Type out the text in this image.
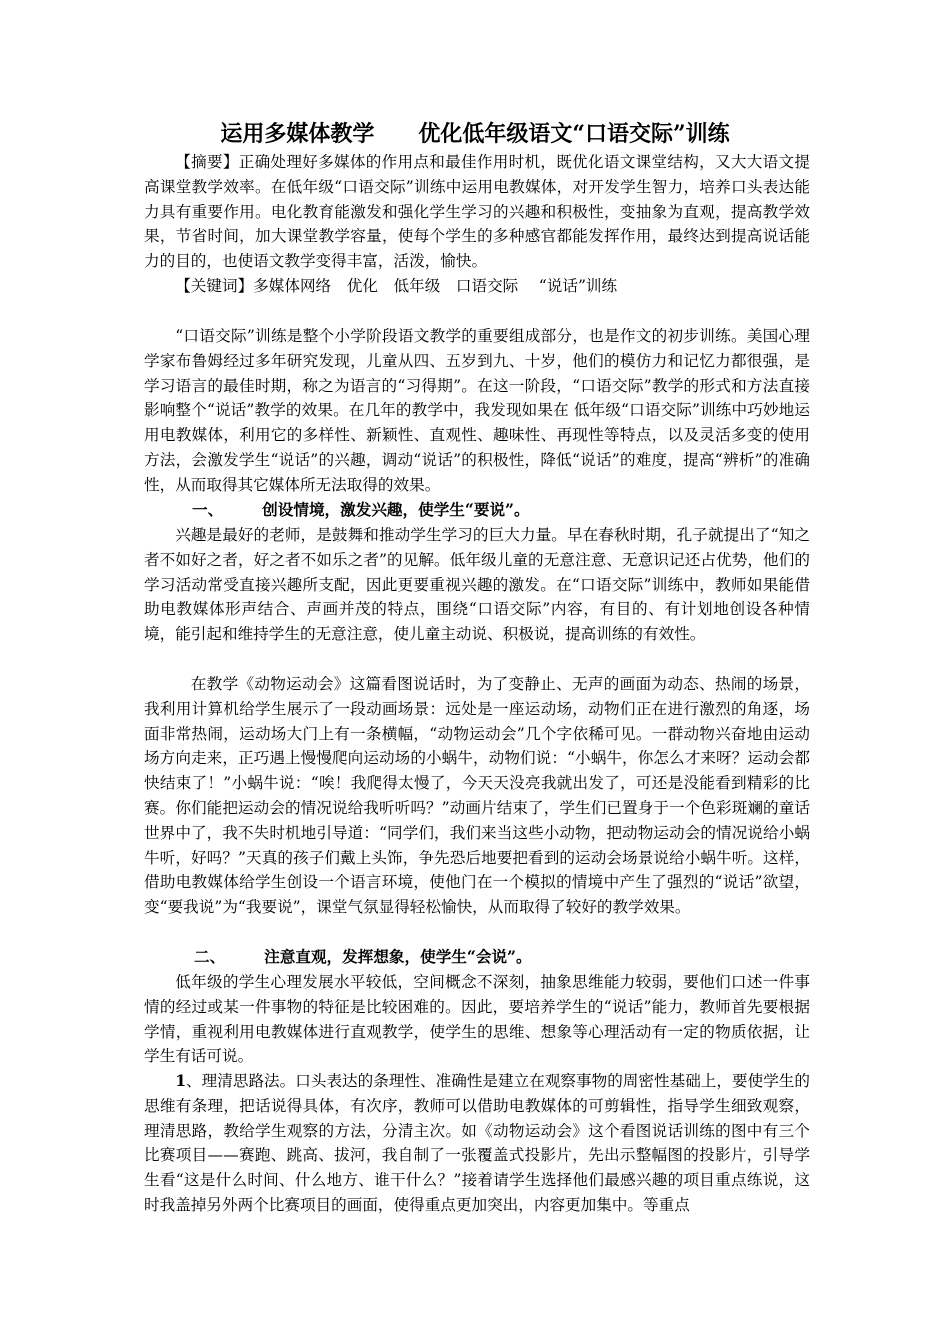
运用多媒体教学　　优化低年级语文“口语交际”训练
【摘要】正确处理好多媒体的作用点和最佳作用时机，既优化语文课堂结构，又大大语文提高课堂教学效率。在低年级“口语交际”训练中运用电教媒体，对开发学生智力，培养口头表达能力具有重要作用。电化教育能激发和强化学生学习的兴趣和积极性，变抽象为直观，提高教学效果，节省时间，加大课堂教学容量，使每个学生的多种感官都能发挥作用，最终达到提高说话能力的目的，也使语文教学变得丰富，活泼，愉快。
【关键词】多媒体网络　优化　低年级　口语交际　 “说话”训练
“口语交际”训练是整个小学阶段语文教学的重要组成部分，也是作文的初步训练。美国心理学家布鲁姆经过多年研究发现，儿童从四、五岁到九、十岁，他们的模仿力和记忆力都很强，是学习语言的最佳时期，称之为语言的“习得期”。在这一阶段，“口语交际”教学的形式和方法直接影响整个“说话”教学的效果。在几年的教学中，我发现如果在 低年级“口语交际”训练中巧妙地运用电教媒体，利用它的多样性、新颖性、直观性、趣味性、再现性等特点，以及灵活多变的使用方法，会激发学生“说话”的兴趣，调动“说话”的积极性，降低“说话”的难度，提高“辨析”的准确性，从而取得其它媒体所无法取得的效果。
一、　　　创设情境，激发兴趣，使学生“要说”。
兴趣是最好的老师，是鼓舞和推动学生学习的巨大力量。早在春秋时期，孔子就提出了“知之者不如好之者，好之者不如乐之者”的见解。低年级儿童的无意注意、无意识记还占优势，他们的学习活动常受直接兴趣所支配，因此更要重视兴趣的激发。在“口语交际”训练中，教师如果能借助电教媒体形声结合、声画并茂的特点，围绕“口语交际”内容，有目的、有计划地创设各种情境，能引起和维持学生的无意注意，使儿童主动说、积极说，提高训练的有效性。
在教学《动物运动会》这篇看图说话时，为了变静止、无声的画面为动态、热闹的场景，我利用计算机给学生展示了一段动画场景：远处是一座运动场，动物们正在进行激烈的角逐，场面非常热闹，运动场大门上有一条横幅，“动物运动会”几个字依稀可见。一群动物兴奋地由运动场方向走来，正巧遇上慢慢爬向运动场的小蜗牛，动物们说：“小蜗牛，你怎么才来呀？运动会都快结束了！”小蜗牛说：“唉！我爬得太慢了，今天天没亮我就出发了，可还是没能看到精彩的比赛。你们能把运动会的情况说给我听听吗？”动画片结束了，学生们已置身于一个色彩斑斓的童话世界中了，我不失时机地引导道：“同学们，我们来当这些小动物，把动物运动会的情况说给小蜗牛听，好吗？”天真的孩子们戴上头饰，争先恐后地要把看到的运动会场景说给小蜗牛听。这样，借助电教媒体给学生创设一个语言环境，使他门在一个模拟的情境中产生了强烈的“说话”欲望，变“要我说”为“我要说”，课堂气氛显得轻松愉快，从而取得了较好的教学效果。
二、　　　注意直观，发挥想象，使学生“会说”。
低年级的学生心理发展水平较低，空间概念不深刻，抽象思维能力较弱，要他们口述一件事情的经过或某一件事物的特征是比较困难的。因此，要培养学生的“说话”能力，教师首先要根据学情，重视利用电教媒体进行直观教学，使学生的思维、想象等心理活动有一定的物质依据，让学生有话可说。
1、理清思路法。口头表达的条理性、准确性是建立在观察事物的周密性基础上，要使学生的思维有条理，把话说得具体，有次序，教师可以借助电教媒体的可剪辑性，指导学生细致观察，理清思路，教给学生观察的方法，分清主次。如《动物运动会》这个看图说话训练的图中有三个比赛项目——赛跑、跳高、拔河，我自制了一张覆盖式投影片，先出示整幅图的投影片，引导学生看“这是什么时间、什么地方、谁干什么？”接着请学生选择他们最感兴趣的项目重点练说，这时我盖掉另外两个比赛项目的画面，使得重点更加突出，内容更加集中。等重点
